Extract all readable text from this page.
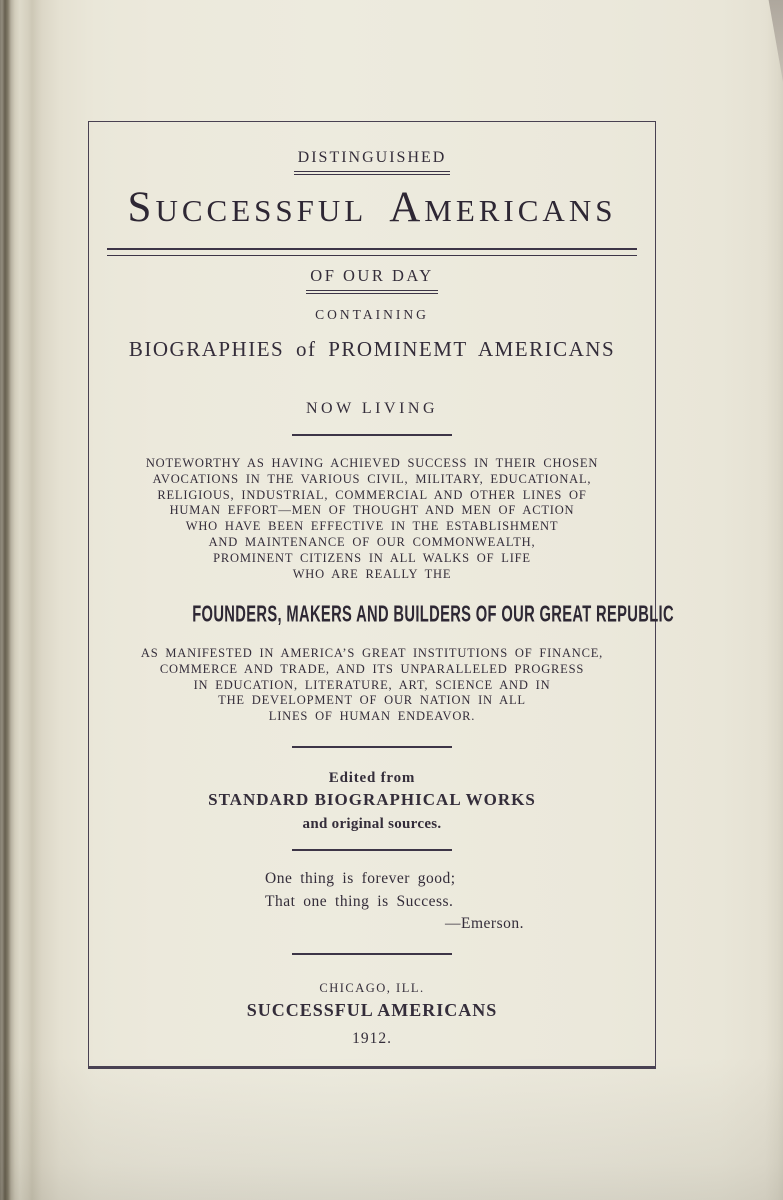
DISTINGUISHED
SUCCESSFUL AMERICANS
OF OUR DAY
CONTAINING
BIOGRAPHIES of PROMINEMT AMERICANS
NOW LIVING
NOTEWORTHY AS HAVING ACHIEVED SUCCESS IN THEIR CHOSEN
AVOCATIONS IN THE VARIOUS CIVIL, MILITARY, EDUCATIONAL,
RELIGIOUS, INDUSTRIAL, COMMERCIAL AND OTHER LINES OF
HUMAN EFFORT—MEN OF THOUGHT AND MEN OF ACTION
WHO HAVE BEEN EFFECTIVE IN THE ESTABLISHMENT
AND MAINTENANCE OF OUR COMMONWEALTH,
PROMINENT CITIZENS IN ALL WALKS OF LIFE
WHO ARE REALLY THE
FOUNDERS, MAKERS AND BUILDERS OF OUR GREAT REPUBLIC
AS MANIFESTED IN AMERICA’S GREAT INSTITUTIONS OF FINANCE,
COMMERCE AND TRADE, AND ITS UNPARALLELED PROGRESS
IN EDUCATION, LITERATURE, ART, SCIENCE AND IN
THE DEVELOPMENT OF OUR NATION IN ALL
LINES OF HUMAN ENDEAVOR.
Edited from
STANDARD BIOGRAPHICAL WORKS
and original sources.
One thing is forever good;
That one thing is Success.
—Emerson.
CHICAGO, ILL.
SUCCESSFUL AMERICANS
1912.
